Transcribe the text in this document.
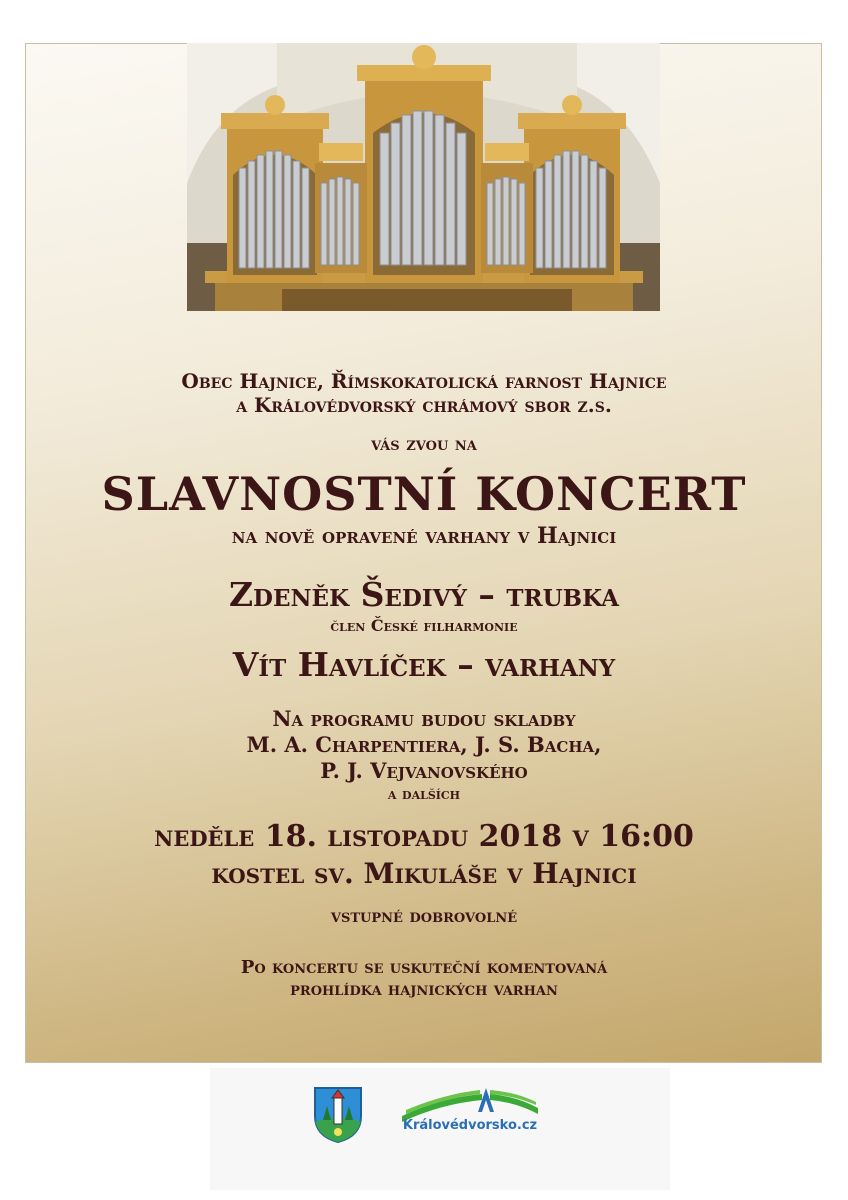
Obec Hajnice, Římskokatolická farnost Hajnice

a Královédvorský chrámový sbor z.s.

vás zvou na

SLAVNOSTNÍ KONCERT

na nově opravené varhany v Hajnici

Zdeněk Šedivý – trubka

člen České filharmonie

Vít Havlíček – varhany

Na programu budou skladby

M. A. Charpentiera, J. S. Bacha,

P. J. Vejvanovského

a dalších

neděle 18. listopadu 2018 v 16:00

kostel sv. Mikuláše v Hajnici

vstupné dobrovolné

Po koncertu se uskuteční komentovaná

prohlídka hajnických varhan

Královédvorsko.cz
